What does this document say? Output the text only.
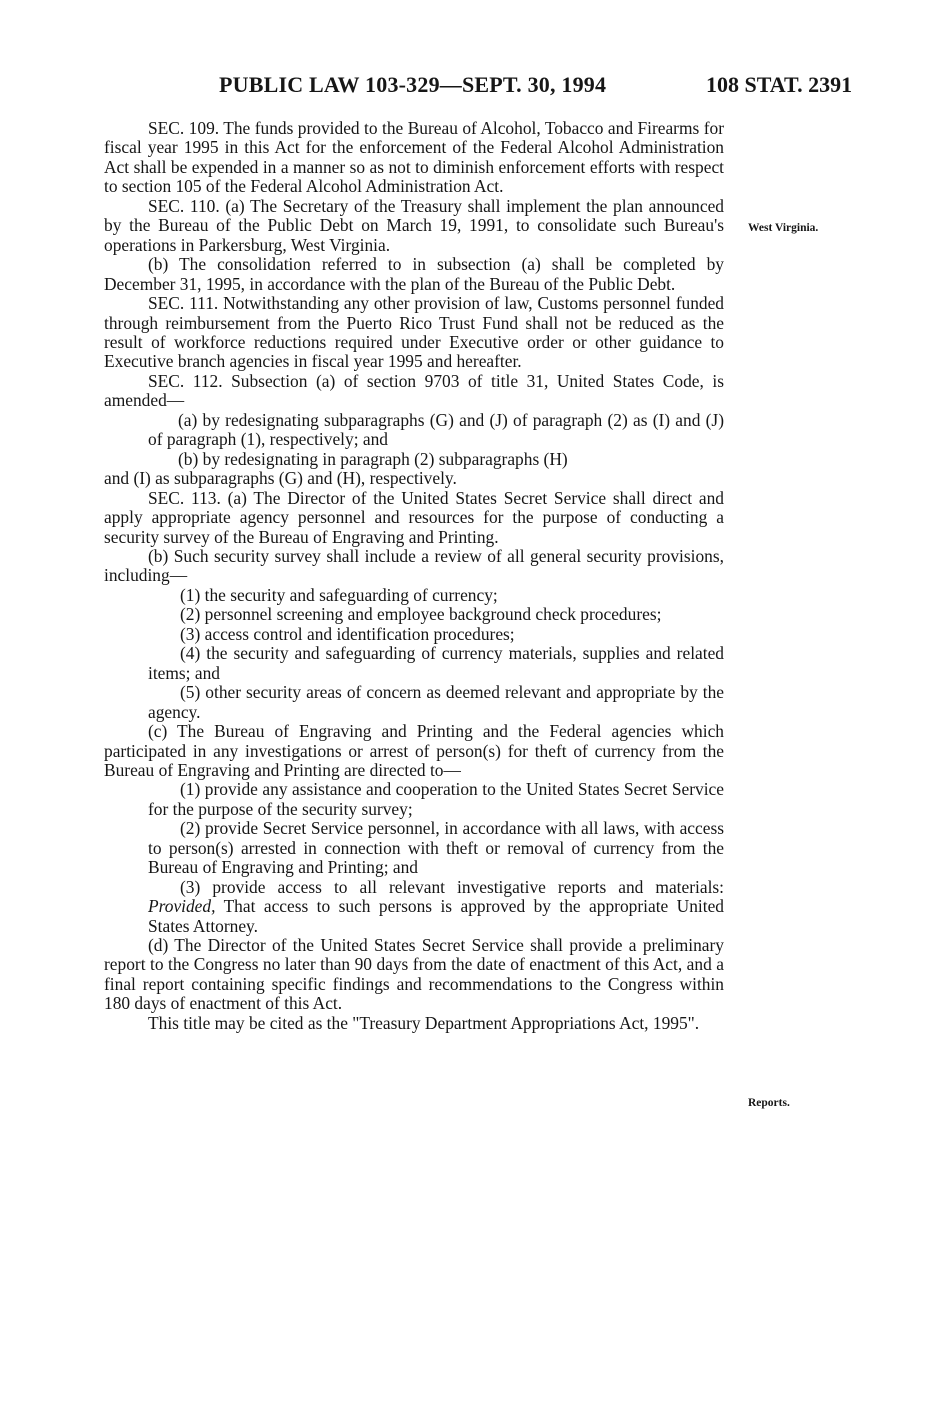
PUBLIC LAW 103-329—SEPT. 30, 1994	108 STAT. 2391

SEC. 109. The funds provided to the Bureau of Alcohol, Tobacco and Firearms for fiscal year 1995 in this Act for the enforcement of the Federal Alcohol Administration Act shall be expended in a manner so as not to diminish enforcement efforts with respect to section 105 of the Federal Alcohol Administration Act.

SEC. 110. (a) The Secretary of the Treasury shall implement the plan announced by the Bureau of the Public Debt on March 19, 1991, to consolidate such Bureau's operations in Parkersburg, West Virginia.

(b) The consolidation referred to in subsection (a) shall be completed by December 31, 1995, in accordance with the plan of the Bureau of the Public Debt.

SEC. 111. Notwithstanding any other provision of law, Customs personnel funded through reimbursement from the Puerto Rico Trust Fund shall not be reduced as the result of workforce reductions required under Executive order or other guidance to Executive branch agencies in fiscal year 1995 and hereafter.

SEC. 112. Subsection (a) of section 9703 of title 31, United States Code, is amended—

(a) by redesignating subparagraphs (G) and (J) of paragraph (2) as (I) and (J) of paragraph (1), respectively; and

(b) by redesignating in paragraph (2) subparagraphs (H)

and (I) as subparagraphs (G) and (H), respectively.

SEC. 113. (a) The Director of the United States Secret Service shall direct and apply appropriate agency personnel and resources for the purpose of conducting a security survey of the Bureau of Engraving and Printing.

(b) Such security survey shall include a review of all general security provisions, including—

(1) the security and safeguarding of currency;

(2) personnel screening and employee background check procedures;

(3) access control and identification procedures;

(4) the security and safeguarding of currency materials, supplies and related items; and

(5) other security areas of concern as deemed relevant and appropriate by the agency.

(c) The Bureau of Engraving and Printing and the Federal agencies which participated in any investigations or arrest of person(s) for theft of currency from the Bureau of Engraving and Printing are directed to—

(1) provide any assistance and cooperation to the United States Secret Service for the purpose of the security survey;

(2) provide Secret Service personnel, in accordance with all laws, with access to person(s) arrested in connection with theft or removal of currency from the Bureau of Engraving and Printing; and

(3) provide access to all relevant investigative reports and materials: Provided, That access to such persons is approved by the appropriate United States Attorney.

(d) The Director of the United States Secret Service shall provide a preliminary report to the Congress no later than 90 days from the date of enactment of this Act, and a final report containing specific findings and recommendations to the Congress within 180 days of enactment of this Act.

This title may be cited as the "Treasury Department Appropriations Act, 1995".

West Virginia.
Reports.
